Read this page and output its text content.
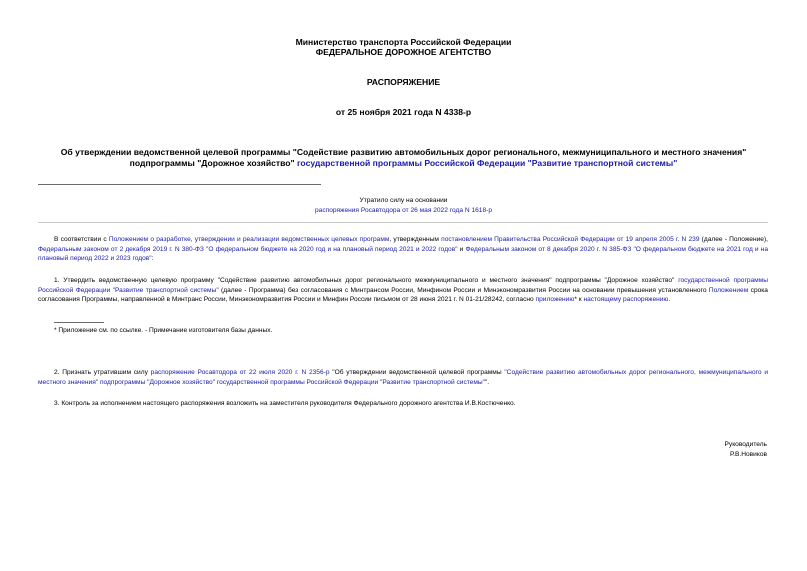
Министерство транспорта Российской Федерации
ФЕДЕРАЛЬНОЕ ДОРОЖНОЕ АГЕНТСТВО
РАСПОРЯЖЕНИЕ
от 25 ноября 2021 года N 4338-р
Об утверждении ведомственной целевой программы "Содействие развитию автомобильных дорог регионального, межмуниципального и местного значения"
подпрограммы "Дорожное хозяйство" государственной программы Российской Федерации "Развитие транспортной системы"
Утратило силу на основании
распоряжения Росавтодора от 26 мая 2022 года N 1618-р
В соответствии с Положением о разработке, утверждении и реализации ведомственных целевых программ, утвержденным постановлением Правительства Российской Федерации от 19 апреля 2005 г. N 239 (далее - Положение), Федеральным законом от 2 декабря 2019 г. N 380-ФЗ "О федеральном бюджете на 2020 год и на плановый период 2021 и 2022 годов" и Федеральным законом от 8 декабря 2020 г. N 385-ФЗ "О федеральном бюджете на 2021 год и на плановый период 2022 и 2023 годов":
1. Утвердить ведомственную целевую программу "Содействие развитию автомобильных дорог регионального межмуниципального и местного значения" подпрограммы "Дорожное хозяйство" государственной программы Российской Федерации "Развитие транспортной системы" (далее - Программа) без согласования с Минтрансом России, Минфином России и Минэкономразвития России на основании превышения установленного Положением срока согласования Программы, направленной в Минтранс России, Минэкономразвития России и Минфин России письмом от 28 июня 2021 г. N 01-21/28242, согласно приложению* к настоящему распоряжению.
* Приложение см. по ссылке. - Примечание изготовителя базы данных.
2. Признать утратившим силу распоряжение Росавтодора от 22 июля 2020 г. N 2356-р "Об утверждении ведомственной целевой программы "Содействие развитию автомобильных дорог регионального, межмуниципального и местного значения" подпрограммы "Дорожное хозяйство" государственной программы Российской Федерации "Развитие транспортной системы"".
3. Контроль за исполнением настоящего распоряжения возложить на заместителя руководителя Федерального дорожного агентства И.В.Костюченко.
Руководитель
Р.В.Новиков
